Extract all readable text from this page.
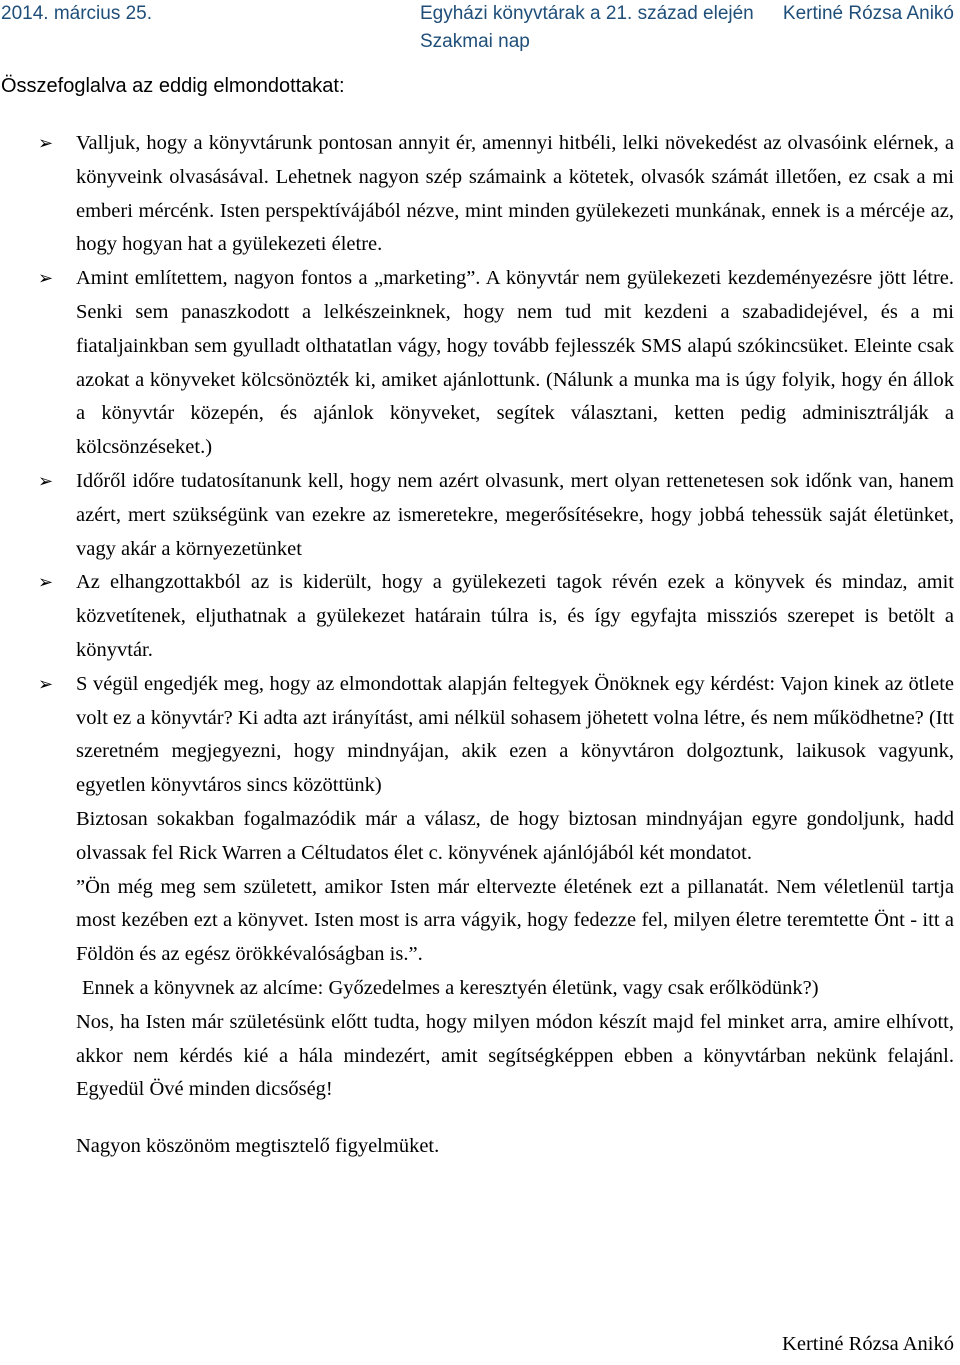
2014. március 25.	Egyházi könyvtárak a 21. század elején Kertiné Rózsa Anikó
Szakmai nap
Összefoglalva az eddig elmondottakat:
➢ Valljuk, hogy a könyvtárunk pontosan annyit ér, amennyi hitbéli, lelki növekedést az olvasóink elérnek, a könyveink olvasásával. Lehetnek nagyon szép számaink a kötetek, olvasók számát illetően, ez csak a mi emberi mércénk. Isten perspektívájából nézve, mint minden gyülekezeti munkának, ennek is a mércéje az, hogy hogyan hat a gyülekezeti életre.

➢ Amint említettem, nagyon fontos a „marketing”. A könyvtár nem gyülekezeti kezdeményezésre jött létre. Senki sem panaszkodott a lelkészeinknek, hogy nem tud mit kezdeni a szabadidejével, és a mi fiataljainkban sem gyulladt olthatatlan vágy, hogy tovább fejlesszék SMS alapú szókincsüket. Eleinte csak azokat a könyveket kölcsönözték ki, amiket ajánlottunk. (Nálunk a munka ma is úgy folyik, hogy én állok a könyvtár közepén, és ajánlok könyveket, segítek választani, ketten pedig adminisztrálják a kölcsönzéseket.)

➢ Időről időre tudatosítanunk kell, hogy nem azért olvasunk, mert olyan rettenetesen sok időnk van, hanem azért, mert szükségünk van ezekre az ismeretekre, megerősítésekre, hogy jobbá tehessük saját életünket, vagy akár a környezetünket

➢ Az elhangzottakból az is kiderült, hogy a gyülekezeti tagok révén ezek a könyvek és mindaz, amit közvetítenek, eljuthatnak a gyülekezet határain túlra is, és így egyfajta missziós szerepet is betölt a könyvtár.

➢ S végül engedjék meg, hogy az elmondottak alapján feltegyek Önöknek egy kérdést: Vajon kinek az ötlete volt ez a könyvtár? Ki adta azt irányítást, ami nélkül sohasem jöhetett volna létre, és nem működhetne? (Itt szeretném megjegyezni, hogy mindnyájan, akik ezen a könyvtáron dolgoztunk, laikusok vagyunk, egyetlen könyvtáros sincs közöttünk)

Biztosan sokakban fogalmazódik már a válasz, de hogy biztosan mindnyájan egyre gondoljunk, hadd olvassak fel Rick Warren a Céltudatos élet c. könyvének ajánlójából két mondatot.

”Ön még meg sem született, amikor Isten már eltervezte életének ezt a pillanatát. Nem véletlenül tartja most kezében ezt a könyvet. Isten most is arra vágyik, hogy fedezze fel, milyen életre teremtette Önt - itt a Földön és az egész örökkévalóságban is.”.

Ennek a könyvnek az alcíme: Győzedelmes a keresztyén életünk, vagy csak erőlködünk?)

Nos, ha Isten már születésünk előtt tudta, hogy milyen módon készít majd fel minket arra, amire elhívott, akkor nem kérdés kié a hála mindezért, amit segítségképpen ebben a könyvtárban nekünk felajánl. Egyedül Övé minden dicsőség!

Nagyon köszönöm megtisztelő figyelmüket.

Kertiné Rózsa Anikó
